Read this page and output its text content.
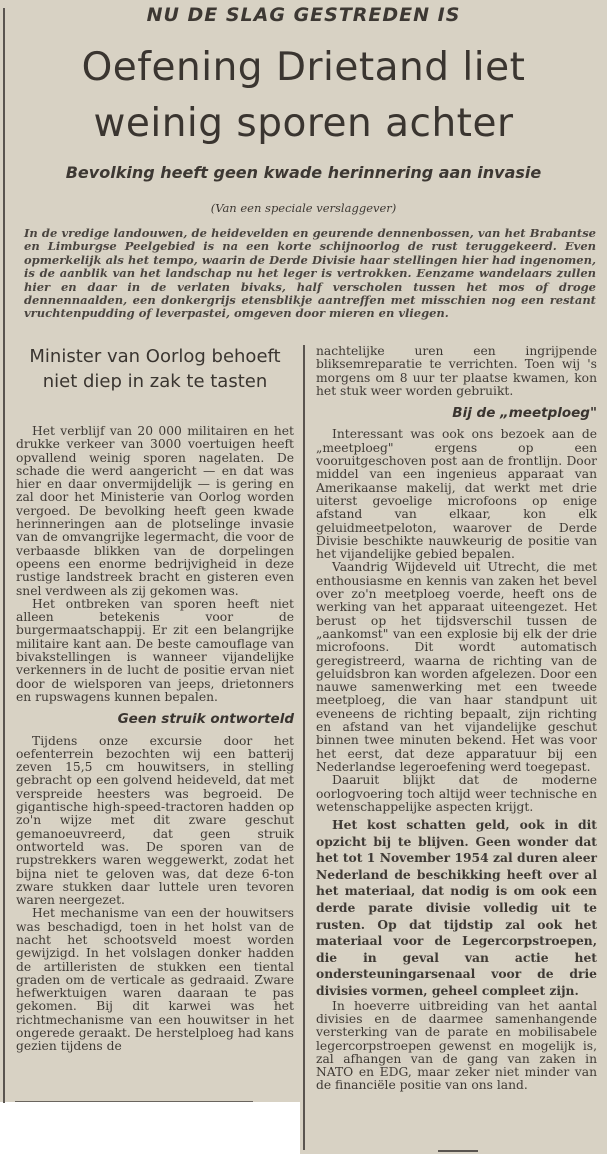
NU DE SLAG GESTREDEN IS
Oefening Drietand liet
weinig sporen achter
Bevolking heeft geen kwade herinnering aan invasie
(Van een speciale verslaggever)
In de vredige landouwen, de heidevelden en geurende dennenbossen, van het Brabantse en Limburgse Peelgebied is na een korte schijnoorlog de rust teruggekeerd. Even opmerkelijk als het tempo, waarin de Derde Divisie haar stellingen hier had ingenomen, is de aanblik van het landschap nu het leger is vertrokken. Eenzame wandelaars zullen hier en daar in de verlaten bivaks, half verscholen tussen het mos of droge dennennaalden, een donkergrijs etensblikje aantreffen met misschien nog een restant vruchtenpudding of leverpastei, omgeven door mieren en vliegen.
Minister van Oorlog behoeft niet diep in zak te tasten

Het verblijf van 20 000 militairen en het drukke verkeer van 3000 voertuigen heeft opvallend weinig sporen nagelaten. De schade die werd aangericht — en dat was hier en daar onvermijdelijk — is gering en zal door het Ministerie van Oorlog worden vergoed. De bevolking heeft geen kwade herinneringen aan de plotselinge invasie van de omvangrijke legermacht, die voor de verbaasde blikken van de dorpelingen opeens een enorme bedrijvigheid in deze rustige landstreek bracht en gisteren even snel verdween als zij gekomen was.

Het ontbreken van sporen heeft niet alleen betekenis voor de burgermaatschappij. Er zit een belangrijke militaire kant aan. De beste camouflage van bivakstellingen is wanneer vijandelijke verkenners in de lucht de positie ervan niet door de wielsporen van jeeps, drietonners en rupswagens kunnen bepalen.

Geen struik ontworteld

Tijdens onze excursie door het oefenterrein bezochten wij een batterij zeven 15,5 cm houwitsers, in stelling gebracht op een golvend heideveld, dat met verspreide heesters was begroeid. De gigantische high-speed-tractoren hadden op zo'n wijze met dit zware geschut gemanoeuvreerd, dat geen struik ontworteld was. De sporen van de rupstrekkers waren weggewerkt, zodat het bijna niet te geloven was, dat deze 6-ton zware stukken daar luttele uren tevoren waren neergezet.

Het mechanisme van een der houwitsers was beschadigd, toen in het holst van de nacht het schootsveld moest worden gewijzigd. In het volslagen donker hadden de artilleristen de stukken een tiental graden om de verticale as gedraaid. Zware hefwerktuigen waren daaraan te pas gekomen. Bij dit karwei was het richtmechanisme van een houwitser in het ongerede geraakt. De herstelploeg had kans gezien tijdens de

nachtelijke uren een ingrijpende bliksemreparatie te verrichten. Toen wij 's morgens om 8 uur ter plaatse kwamen, kon het stuk weer worden gebruikt.

Bij de „meetploeg"

Interessant was ook ons bezoek aan de „meetploeg" ergens op een vooruitgeschoven post aan de frontlijn. Door middel van een ingenieus apparaat van Amerikaanse makelij, dat werkt met drie uiterst gevoelige microfoons op enige afstand van elkaar, kon elk geluidmeetpeloton, waarover de Derde Divisie beschikte nauwkeurig de positie van het vijandelijke gebied bepalen.

Vaandrig Wijdeveld uit Utrecht, die met enthousiasme en kennis van zaken het bevel over zo'n meetploeg voerde, heeft ons de werking van het apparaat uiteengezet. Het berust op het tijdsverschil tussen de „aankomst" van een explosie bij elk der drie microfoons. Dit wordt automatisch geregistreerd, waarna de richting van de geluidsbron kan worden afgelezen. Door een nauwe samenwerking met een tweede meetploeg, die van haar standpunt uit eveneens de richting bepaalt, zijn richting en afstand van het vijandelijke geschut binnen twee minuten bekend. Het was voor het eerst, dat deze apparatuur bij een Nederlandse legeroefening werd toegepast.

Daaruit blijkt dat de moderne oorlogvoering toch altijd weer technische en wetenschappelijke aspecten krijgt.

Het kost schatten geld, ook in dit opzicht bij te blijven. Geen wonder dat het tot 1 November 1954 zal duren aleer Nederland de beschikking heeft over al het materiaal, dat nodig is om ook een derde parate divisie volledig uit te rusten. Op dat tijdstip zal ook het materiaal voor de Legercorpstroepen, die in geval van actie het ondersteuningarsenaal voor de drie divisies vormen, geheel compleet zijn.

In hoeverre uitbreiding van het aantal divisies en de daarmee samenhangende versterking van de parate en mobilisabele legercorpstroepen gewenst en mogelijk is, zal afhangen van de gang van zaken in NATO en EDG, maar zeker niet minder van de financiële positie van ons land.
